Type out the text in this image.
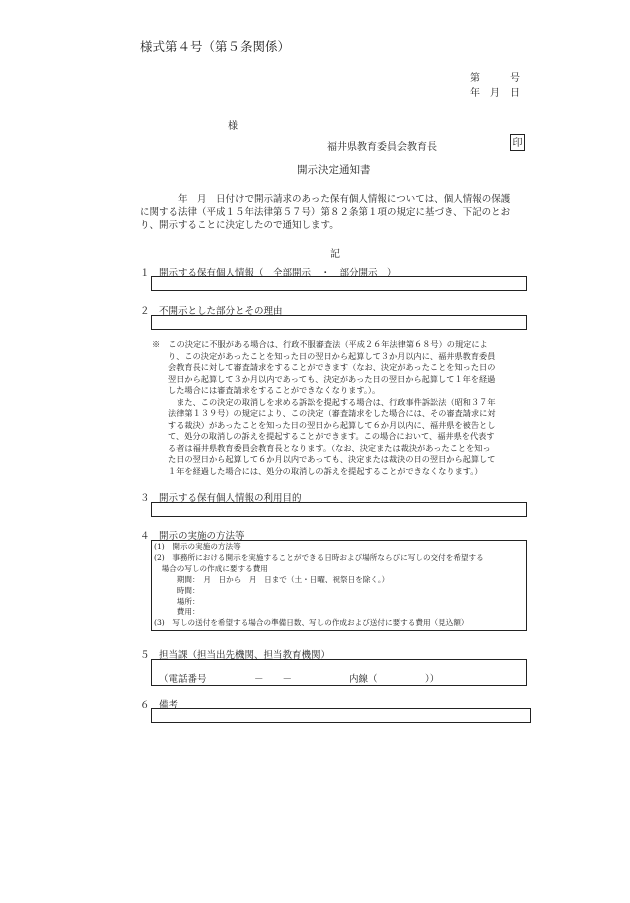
様式第４号（第５条関係）
第　　　号
年　月　日
様
福井県教育委員会教育長	印
開示決定通知書
　　　　年　月　日付けで開示請求のあった保有個人情報については、個人情報の保護
に関する法律（平成１５年法律第５７号）第８２条第１項の規定に基づき、下記のとお
り、開示することに決定したので通知します。
記
１　開示する保有個人情報（　全部開示　・　部分開示　）
２　不開示とした部分とその理由

※　この決定に不服がある場合は、行政不服審査法（平成２６年法律第６８号）の規定によ

り、この決定があったことを知った日の翌日から起算して３か月以内に、福井県教育委員

会教育長に対して審査請求をすることができます（なお、決定があったことを知った日の

翌日から起算して３か月以内であっても、決定があった日の翌日から起算して１年を経過

した場合には審査請求をすることができなくなります。）。

　また、この決定の取消しを求める訴訟を提起する場合は、行政事件訴訟法（昭和３７年

法律第１３９号）の規定により、この決定（審査請求をした場合には、その審査請求に対

する裁決）があったことを知った日の翌日から起算して６か月以内に、福井県を被告とし

て、処分の取消しの訴えを提起することができます。この場合において、福井県を代表す

る者は福井県教育委員会教育長となります。（なお、決定または裁決があったことを知っ

た日の翌日から起算して６か月以内であっても、決定または裁決の日の翌日から起算して

１年を経過した場合には、処分の取消しの訴えを提起することができなくなります。）

３　開示する保有個人情報の利用目的
４　開示の実施の方法等
(1)　開示の実施の方法等
(2)　事務所における開示を実施することができる日時および場所ならびに写しの交付を希望する
　場合の写しの作成に要する費用
　　　期間：　月　日から　月　日まで（土・日曜、祝祭日を除く。）
　　　時間：
　　　場所：
　　　費用：
(3)　写しの送付を希望する場合の準備日数、写しの作成および送付に要する費用（見込額）
５　担当課（担当出先機関、担当教育機関）
（電話番号　　　　　－　　－　　　　　　内線（　　　　　））
６　備考
